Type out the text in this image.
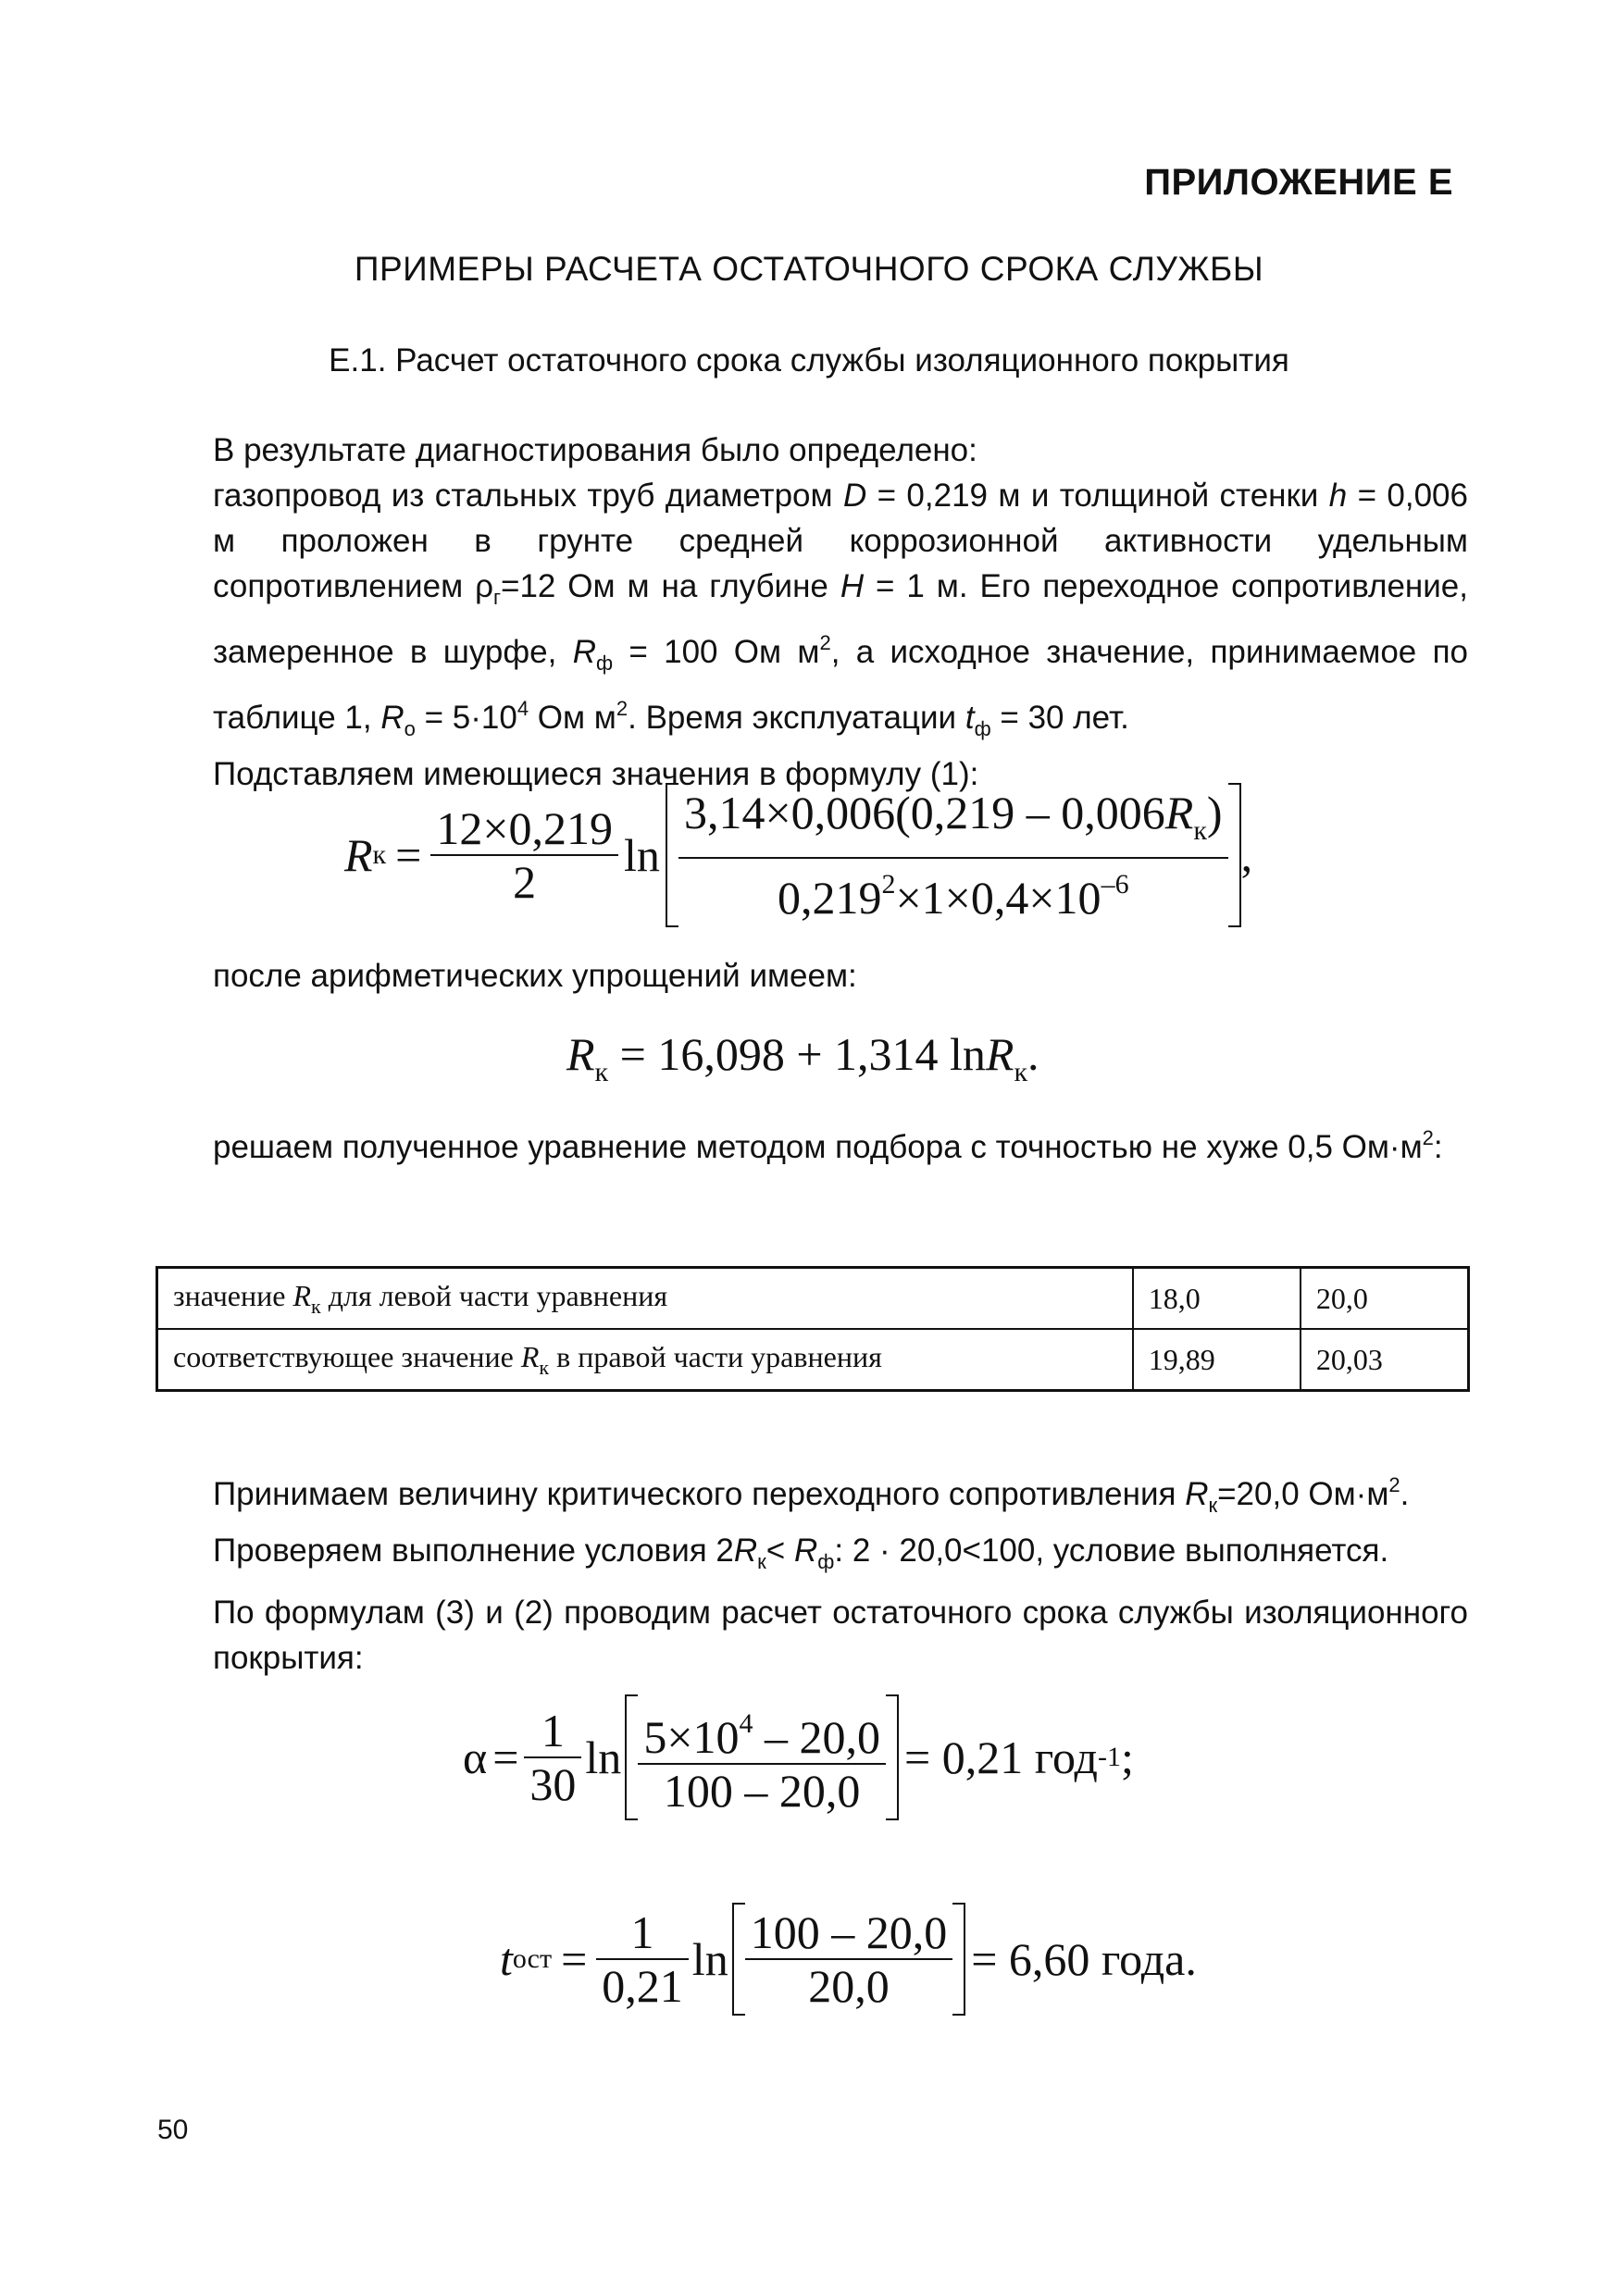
ПРИЛОЖЕНИЕ Е
ПРИМЕРЫ РАСЧЕТА ОСТАТОЧНОГО СРОКА СЛУЖБЫ
Е.1. Расчет остаточного срока службы изоляционного покрытия
В результате диагностирования было определено:
газопровод из стальных труб диаметром D = 0,219 м и толщиной стенки h = 0,006 м проложен в грунте средней коррозионной активности удельным сопротивлением $\rho_г=12$ Ом м на глубине H = 1 м. Его переходное сопротивление, замеренное в шурфе, $R_ф = 100$ Ом $м^2$, а исходное значение, принимаемое по таблице 1, $R_о = 5\cdot 10^4$ Ом $м^2$. Время эксплуатации $t_ф = 30$ лет.
Подставляем имеющиеся значения в формулу (1):
R $к = \frac{12\times 0,219}{2}$ $\ln \frac{3,14\times 0,006(0,219 - 0,006R_к)}{0,219^2\times 1\times 0,4\times 10^{-6}}$ ,
после арифметических упрощений имеем:
$R_к = 16,098 + 1,314$ lnR$_к$.
решаем полученное уравнение методом подбора с точностью не хуже 0,5 $Ом\cdot м^2$:
значение $R_к$ для левой части уравнения	18,0	20,0
соответствующее значение $R_к$ в правой части уравнения	19,89	20,03
Принимаем величину критического переходного сопротивления $R_к=20,0$ $Ом\cdot м^2$.
Проверяем выполнение условия $2R_к< R_ф$: 2 · 20,0<100, условие выполняется.
По формулам (3) и (2) проводим расчет остаточного срока службы изоляционного покрытия:
$\alpha = \frac{1}{30}$ $\ln \frac{5\times 10^4 - 20,0}{100 - 20,0} = 0,21$ год -1 ;
t ост = $\frac{1}{0,21}$ $\ln \frac{100 - 20,0}{20,0} = 6,60$ года.
50
